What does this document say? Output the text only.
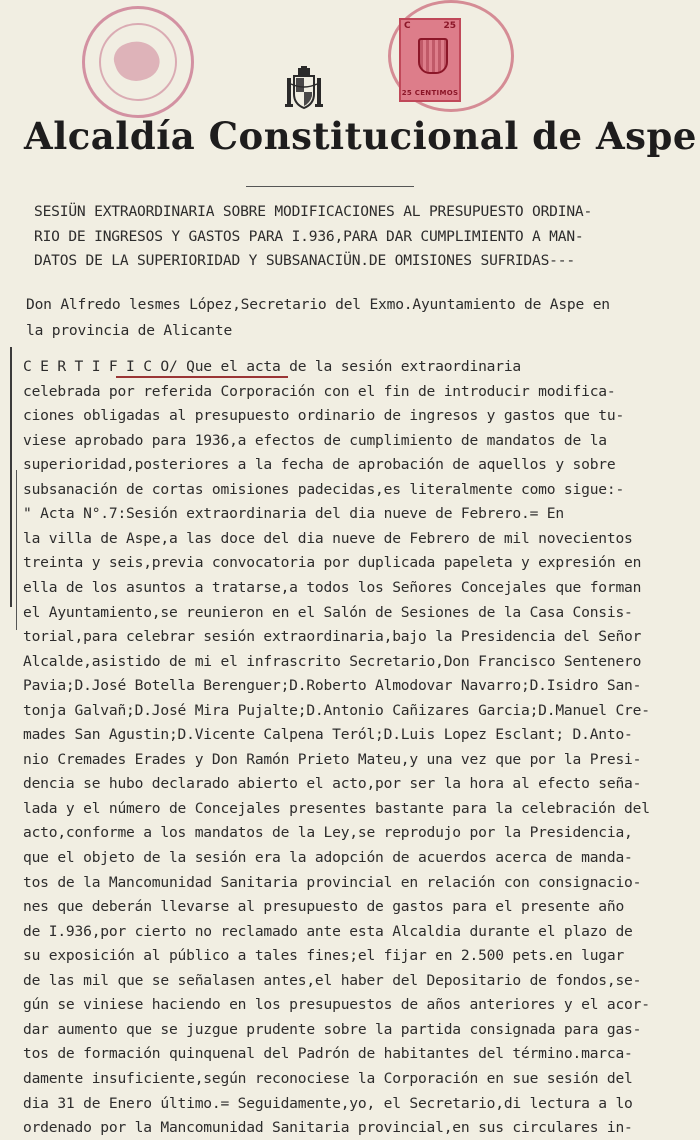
C	25
25 CENTIMOS
Alcaldía Constitucional de Aspe
SESIÜN EXTRAORDINARIA SOBRE MODIFICACIONES AL PRESUPUESTO ORDINA-
RIO DE INGRESOS Y GASTOS PARA I.936,PARA DAR CUMPLIMIENTO A MAN-
DATOS DE LA SUPERIORIDAD Y SUBSANACIÜN.DE OMISIONES SUFRIDAS---
Don Alfredo lesmes López,Secretario del Exmo.Ayuntamiento de Aspe en
la provincia de Alicante
C E R T I F I C O/ Que el acta de la sesión extraordinaria
celebrada por referida Corporación con el fin de introducir modifica-
ciones obligadas al presupuesto ordinario de ingresos y gastos que tu-
viese aprobado para 1936,a efectos de cumplimiento de mandatos de la
superioridad,posteriores a la fecha de aprobación de aquellos y sobre
subsanación de cortas omisiones padecidas,es literalmente como sigue:-
" Acta N°.7:Sesión extraordinaria del dia nueve de Febrero.= En
la villa de Aspe,a las doce del dia nueve de Febrero de mil novecientos
treinta y seis,previa convocatoria por duplicada papeleta y expresión en
ella de los asuntos a tratarse,a todos los Señores Concejales que forman
el Ayuntamiento,se reunieron en el Salón de Sesiones de la Casa Consis-
torial,para celebrar sesión extraordinaria,bajo la Presidencia del Señor
Alcalde,asistido de mi el infrascrito Secretario,Don Francisco Sentenero
Pavia;D.José Botella Berenguer;D.Roberto Almodovar Navarro;D.Isidro San-
tonja Galvañ;D.José Mira Pujalte;D.Antonio Cañizares Garcia;D.Manuel Cre-
mades San Agustin;D.Vicente Calpena Teról;D.Luis Lopez Esclant; D.Anto-
nio Cremades Erades y Don Ramón Prieto Mateu,y una vez que por la Presi-
dencia se hubo declarado abierto el acto,por ser la hora al efecto seña-
lada y el número de Concejales presentes bastante para la celebración del
acto,conforme a los mandatos de la Ley,se reprodujo por la Presidencia,
que el objeto de la sesión era la adopción de acuerdos acerca de manda-
tos de la Mancomunidad Sanitaria provincial en relación con consignacio-
nes que deberán llevarse al presupuesto de gastos para el presente año
de I.936,por cierto no reclamado ante esta Alcaldia durante el plazo de
su exposición al público a tales fines;el fijar en 2.500 pets.en lugar
de las mil que se señalasen antes,el haber del Depositario de fondos,se-
gún se viniese haciendo en los presupuestos de años anteriores y el acor-
dar aumento que se juzgue prudente sobre la partida consignada para gas-
tos de formación quinquenal del Padrón de habitantes del término.marca-
damente insuficiente,según reconociese la Corporación en sue sesión del
dia 31 de Enero último.= Seguidamente,yo, el Secretario,di lectura a lo
ordenado por la Mancomunidad Sanitaria provincial,en sus circulares in-
